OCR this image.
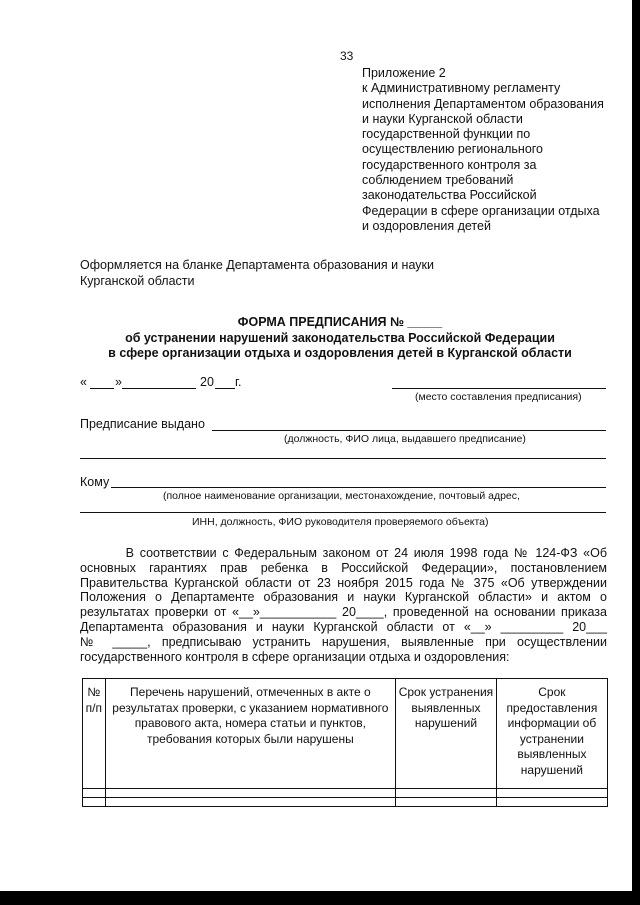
33
Приложение 2
к Административному регламенту
исполнения Департаментом образования
и науки Курганской области
государственной функции по
осуществлению регионального
государственного контроля за
соблюдением требований
законодательства Российской
Федерации в сфере организации отдыха
и оздоровления детей
Оформляется на бланке Департамента образования и науки
Курганской области
ФОРМА ПРЕДПИСАНИЯ № _____
об устранении нарушений законодательства Российской Федерации
в сфере организации отдыха и оздоровления детей в Курганской области
« »	20 г.
(место составления предписания)
Предписание выдано
(должность, ФИО лица, выдавшего предписание)
Кому
(полное наименование организации, местонахождение, почтовый адрес,
ИНН, должность, ФИО руководителя проверяемого объекта)
В соответствии с Федеральным законом от 24 июля 1998 года № 124-ФЗ «Об
основных гарантиях прав ребенка в Российской Федерации», постановлением
Правительства Курганской области от 23 ноября 2015 года № 375 «Об утверждении
Положения о Департаменте образования и науки Курганской области» и актом о
результатах проверки от «__»___________ 20____, проведенной на основании приказа
Департамента образования и науки Курганской области от «__» _________ 20___
№ _____, предписываю устранить нарушения, выявленные при осуществлении
государственного контроля в сфере организации отдыха и оздоровления:
№ п/п	Перечень нарушений, отмеченных в акте о результатах проверки, с указанием нормативного правового акта, номера статьи и пунктов, требования которых были нарушены	Срок устранения выявленных нарушений	Срок предоставления информации об устранении выявленных нарушений
